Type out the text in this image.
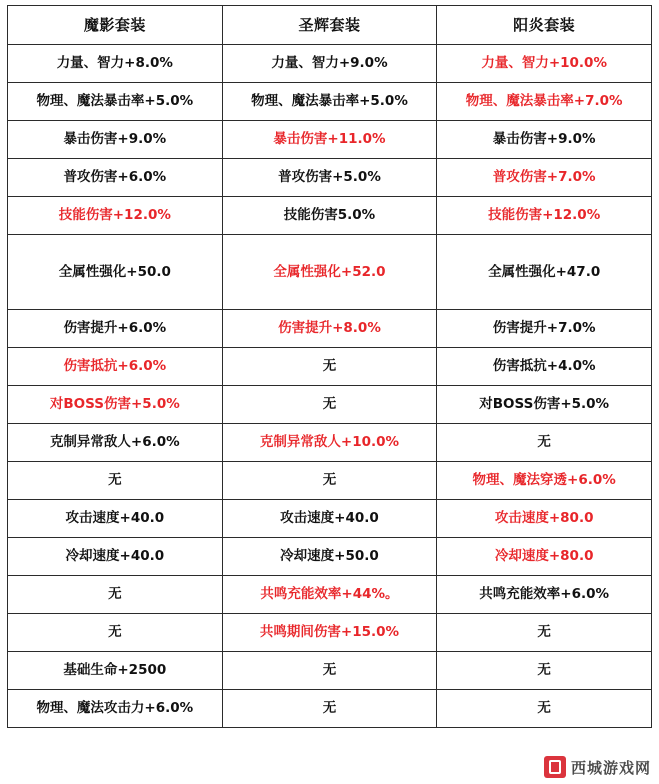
魔影套装	圣辉套装	阳炎套装
力量、智力+8.0%	力量、智力+9.0%	力量、智力+10.0%
物理、魔法暴击率+5.0%	物理、魔法暴击率+5.0%	物理、魔法暴击率+7.0%
暴击伤害+9.0%	暴击伤害+11.0%	暴击伤害+9.0%
普攻伤害+6.0%	普攻伤害+5.0%	普攻伤害+7.0%
技能伤害+12.0%	技能伤害5.0%	技能伤害+12.0%
全属性强化+50.0	全属性强化+52.0	全属性强化+47.0
伤害提升+6.0%	伤害提升+8.0%	伤害提升+7.0%
伤害抵抗+6.0%	无	伤害抵抗+4.0%
对BOSS伤害+5.0%	无	对BOSS伤害+5.0%
克制异常敌人+6.0%	克制异常敌人+10.0%	无
无	无	物理、魔法穿透+6.0%
攻击速度+40.0	攻击速度+40.0	攻击速度+80.0
冷却速度+40.0	冷却速度+50.0	冷却速度+80.0
无	共鸣充能效率+44%。	共鸣充能效率+6.0%
无	共鸣期间伤害+15.0%	无
基础生命+2500	无	无
物理、魔法攻击力+6.0%	无	无
西城游戏网
